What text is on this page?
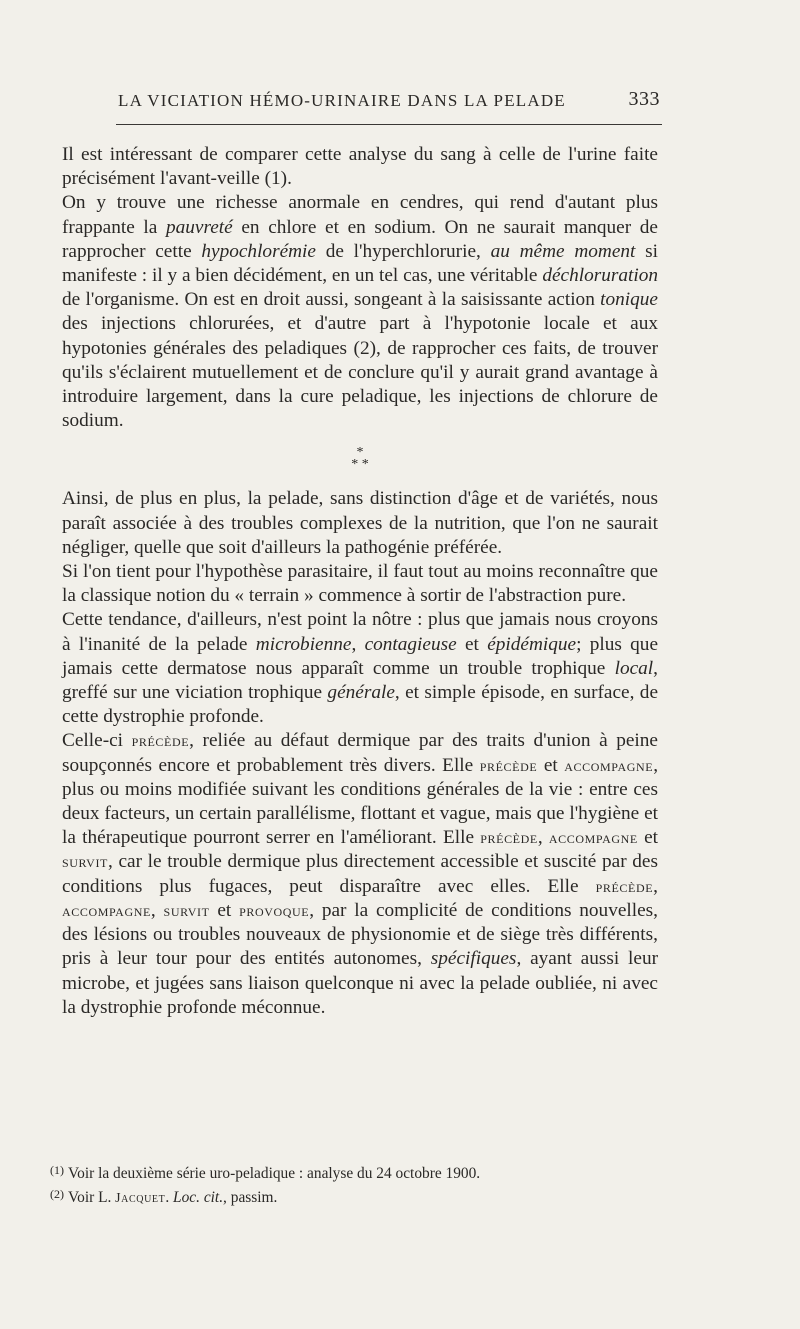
LA VICIATION HÉMO-URINAIRE DANS LA PELADE	333

Il est intéressant de comparer cette analyse du sang à celle de l'urine faite précisément l'avant-veille (1).

On y trouve une richesse anormale en cendres, qui rend d'autant plus frappante la pauvreté en chlore et en sodium. On ne saurait manquer de rapprocher cette hypochlorémie de l'hyperchlorurie, au même moment si manifeste : il y a bien décidément, en un tel cas, une véritable déchloruration de l'organisme. On est en droit aussi, songeant à la saisissante action tonique des injections chlorurées, et d'autre part à l'hypotonie locale et aux hypotonies générales des peladiques (2), de rapprocher ces faits, de trouver qu'ils s'éclairent mutuellement et de conclure qu'il y aurait grand avantage à introduire largement, dans la cure peladique, les injections de chlorure de sodium.

*
* *

Ainsi, de plus en plus, la pelade, sans distinction d'âge et de variétés, nous paraît associée à des troubles complexes de la nutrition, que l'on ne saurait négliger, quelle que soit d'ailleurs la pathogénie préférée.

Si l'on tient pour l'hypothèse parasitaire, il faut tout au moins reconnaître que la classique notion du « terrain » commence à sortir de l'abstraction pure.

Cette tendance, d'ailleurs, n'est point la nôtre : plus que jamais nous croyons à l'inanité de la pelade microbienne, contagieuse et épidémique; plus que jamais cette dermatose nous apparaît comme un trouble trophique local, greffé sur une viciation trophique générale, et simple épisode, en surface, de cette dystrophie profonde.

Celle-ci précède, reliée au défaut dermique par des traits d'union à peine soupçonnés encore et probablement très divers. Elle précède et accompagne, plus ou moins modifiée suivant les conditions générales de la vie : entre ces deux facteurs, un certain parallélisme, flottant et vague, mais que l'hygiène et la thérapeutique pourront serrer en l'améliorant. Elle précède, accompagne et survit, car le trouble dermique plus directement accessible et suscité par des conditions plus fugaces, peut disparaître avec elles. Elle précède, accompagne, survit et provoque, par la complicité de conditions nouvelles, des lésions ou troubles nouveaux de physionomie et de siège très différents, pris à leur tour pour des entités autonomes, spécifiques, ayant aussi leur microbe, et jugées sans liaison quelconque ni avec la pelade oubliée, ni avec la dystrophie profonde méconnue.

$^{(1)}$ Voir la deuxième série uro-peladique : analyse du 24 octobre 1900.

$^{(2)}$ Voir L. Jacquet. Loc. cit., passim.
